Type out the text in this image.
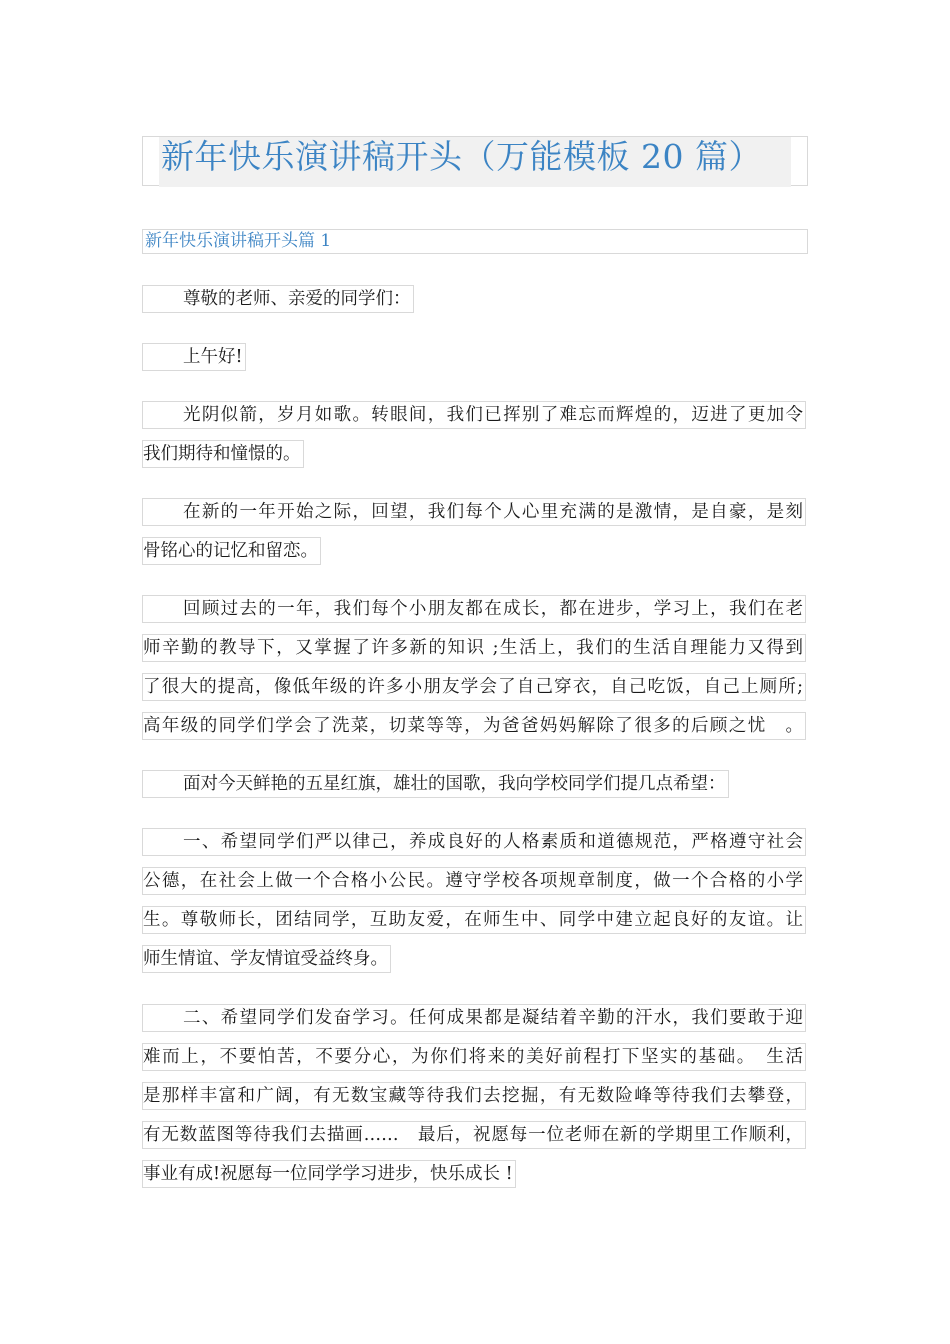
新年快乐演讲稿开头（万能模板 20 篇）
新年快乐演讲稿开头篇 1
尊敬的老师、亲爱的同学们：
上午好!
光阴似箭，岁月如歌。转眼间，我们已挥别了难忘而辉煌的，迈进了更加令
我们期待和憧憬的。
在新的一年开始之际，回望，我们每个人心里充满的是激情，是自豪，是刻
骨铭心的记忆和留恋。
回顾过去的一年，我们每个小朋友都在成长，都在进步，学习上，我们在老
师辛勤的教导下，又掌握了许多新的知识 ;生活上，我们的生活自理能力又得到
了很大的提高，像低年级的许多小朋友学会了自己穿衣，自己吃饭，自己上厕所;
高年级的同学们学会了洗菜，切菜等等，为爸爸妈妈解除了很多的后顾之忧　。
面对今天鲜艳的五星红旗，雄壮的国歌，我向学校同学们提几点希望：
一、希望同学们严以律己，养成良好的人格素质和道德规范，严格遵守社会
公德，在社会上做一个合格小公民。遵守学校各项规章制度，做一个合格的小学
生。尊敬师长，团结同学，互助友爱，在师生中、同学中建立起良好的友谊。让
师生情谊、学友情谊受益终身。
二、希望同学们发奋学习。任何成果都是凝结着辛勤的汗水，我们要敢于迎
难而上，不要怕苦，不要分心，为你们将来的美好前程打下坚实的基础。　生活
是那样丰富和广阔，有无数宝藏等待我们去挖掘，有无数险峰等待我们去攀登，
有无数蓝图等待我们去描画……　最后，祝愿每一位老师在新的学期里工作顺利，
事业有成!祝愿每一位同学学习进步，快乐成长 !
